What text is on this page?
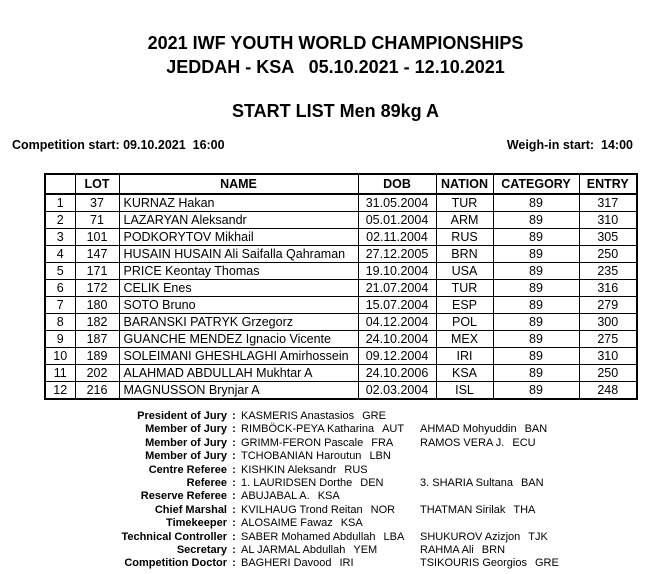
2021 IWF YOUTH WORLD CHAMPIONSHIPS
JEDDAH - KSA   05.10.2021 - 12.10.2021
START LIST Men 89kg A
Competition start: 09.10.2021  16:00	Weigh-in start:  14:00
	LOT	NAME	DOB	NATION	CATEGORY	ENTRY
1	37	KURNAZ Hakan	31.05.2004	TUR	89	317
2	71	LAZARYAN Aleksandr	05.01.2004	ARM	89	310
3	101	PODKORYTOV Mikhail	02.11.2004	RUS	89	305
4	147	HUSAIN HUSAIN Ali Saifalla Qahraman	27.12.2005	BRN	89	250
5	171	PRICE Keontay Thomas	19.10.2004	USA	89	235
6	172	CELIK Enes	21.07.2004	TUR	89	316
7	180	SOTO Bruno	15.07.2004	ESP	89	279
8	182	BARANSKI PATRYK Grzegorz	04.12.2004	POL	89	300
9	187	GUANCHE MENDEZ Ignacio Vicente	24.10.2004	MEX	89	275
10	189	SOLEIMANI GHESHLAGHI Amirhossein	09.12.2004	IRI	89	310
11	202	ALAHMAD ABDULLAH Mukhtar A	24.10.2006	KSA	89	250
12	216	MAGNUSSON Brynjar A	02.03.2004	ISL	89	248
President of Jury : KASMERIS Anastasios GRE
Member of Jury : RIMBÖCK-PEYA Katharina AUT	AHMAD Mohyuddin BAN
Member of Jury : GRIMM-FERON Pascale FRA	RAMOS VERA J. ECU
Member of Jury : TCHOBANIAN Haroutun LBN
Centre Referee : KISHKIN Aleksandr RUS
Referee : 1. LAURIDSEN Dorthe DEN	3. SHARIA Sultana BAN
Reserve Referee : ABUJABAL A. KSA
Chief Marshal : KVILHAUG Trond Reitan NOR	THATMAN Sirilak THA
Timekeeper : ALOSAIME Fawaz KSA
Technical Controller : SABER Mohamed Abdullah LBA	SHUKUROV Azizjon TJK
Secretary : AL JARMAL Abdullah YEM	RAHMA Ali BRN
Competition Doctor : BAGHERI Davood IRI	TSIKOURIS Georgios GRE
